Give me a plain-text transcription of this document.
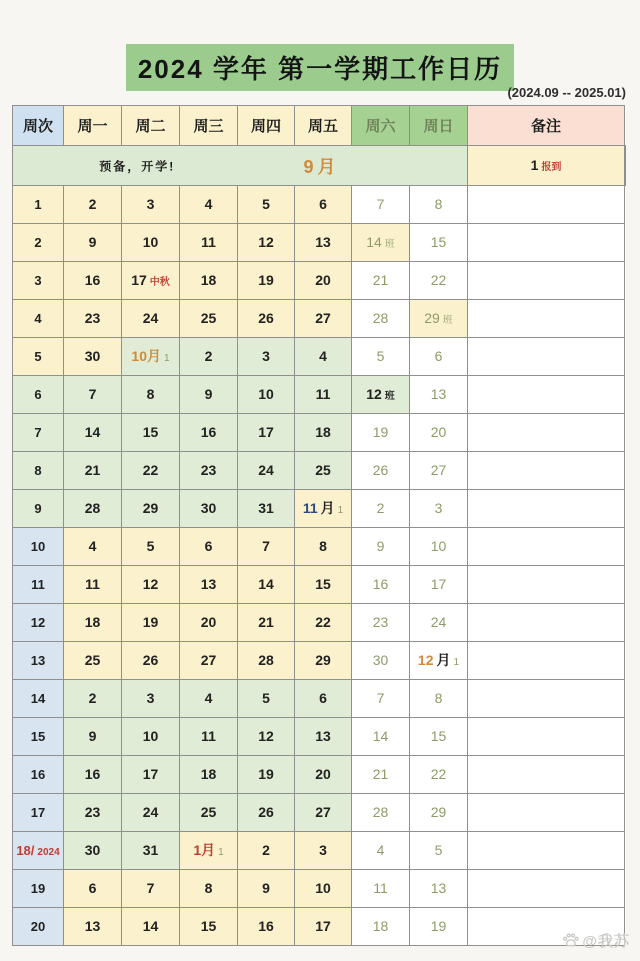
2024 学年 第一学期工作日历
(2024.09 -- 2025.01)
周次	周一	周二	周三	周四	周五	周六	周日	备注	

预备，开学! 9月								1 报到	
1	2	3	4	5	6	7	8		
2	9	10	11	12	13	14 班	15		
3	16	17 中秋	18	19	20	21	22		
4	23	24	25	26	27	28	29 班		
5	30	10月 1	2	3	4	5	6		
6	7	8	9	10	11	12 班	13		
7	14	15	16	17	18	19	20		
8	21	22	23	24	25	26	27		
9	28	29	30	31	11 月 1	2	3		
10	4	5	6	7	8	9	10		
11	11	12	13	14	15	16	17		
12	18	19	20	21	22	23	24		
13	25	26	27	28	29	30	12 月 1		
14	2	3	4	5	6	7	8		
15	9	10	11	12	13	14	15		
16	16	17	18	19	20	21	22		
17	23	24	25	26	27	28	29		
18/ 2024	30	31	1月 1	2	3	4	5		
19	6	7	8	9	10	11	13		
20	13	14	15	16	17	18	19		
@我苏
